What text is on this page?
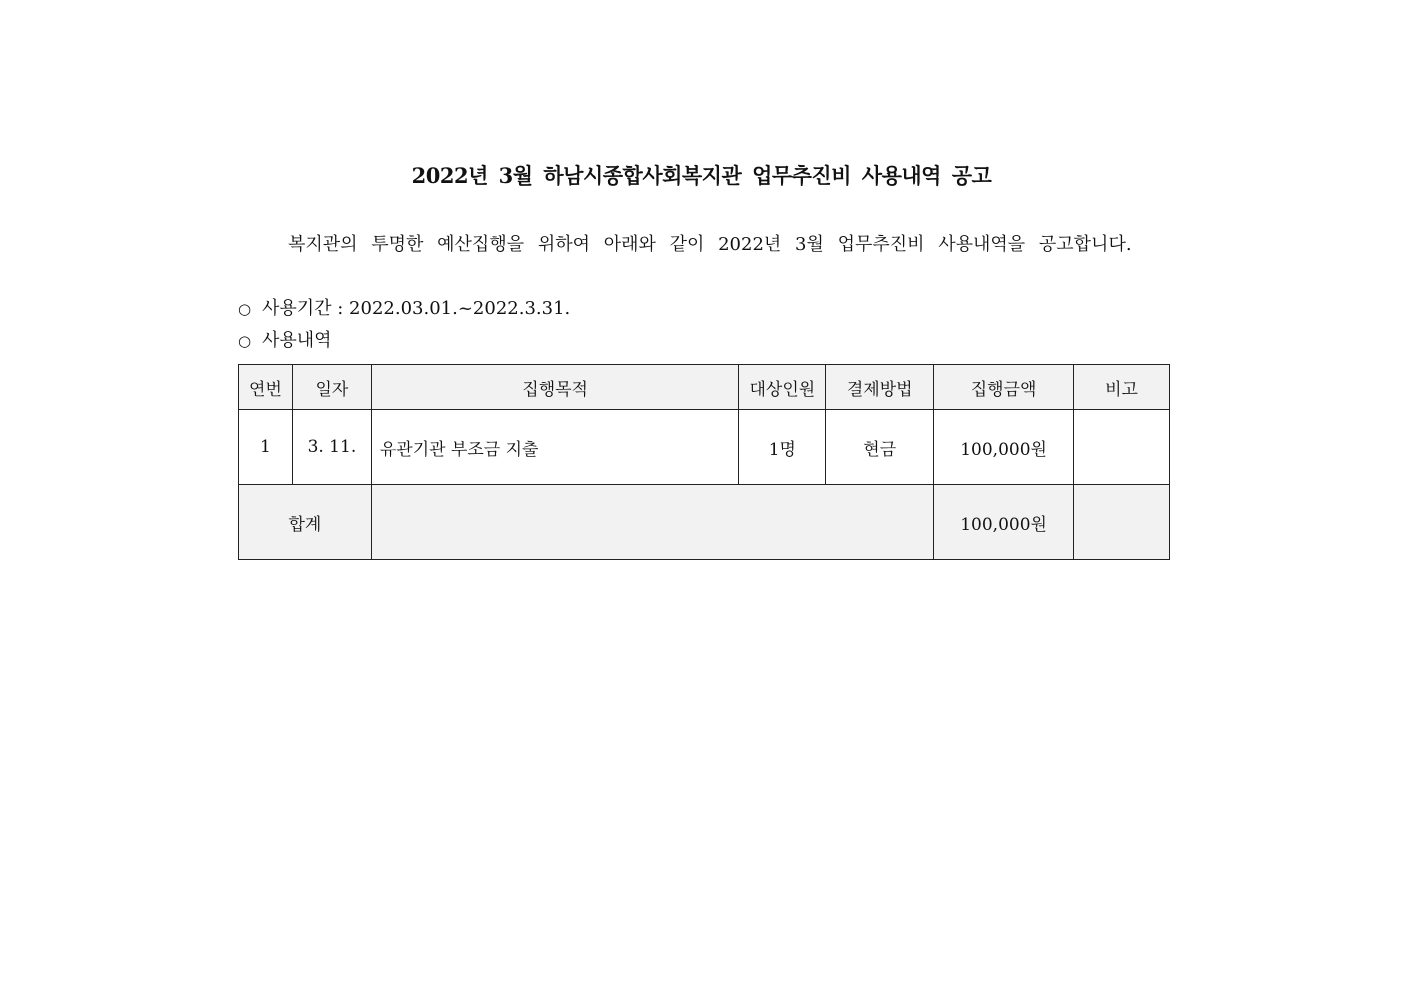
2022년 3월 하남시종합사회복지관 업무추진비 사용내역 공고
복지관의 투명한 예산집행을 위하여 아래와 같이 2022년 3월 업무추진비 사용내역을 공고합니다.
○ 사용기간 : 2022.03.01.~2022.3.31.
○ 사용내역
연번	일자	집행목적	대상인원	결제방법	집행금액	비고
1	3. 11.	유관기관 부조금 지출	1명	현금	100,000원	
합계					100,000원	
